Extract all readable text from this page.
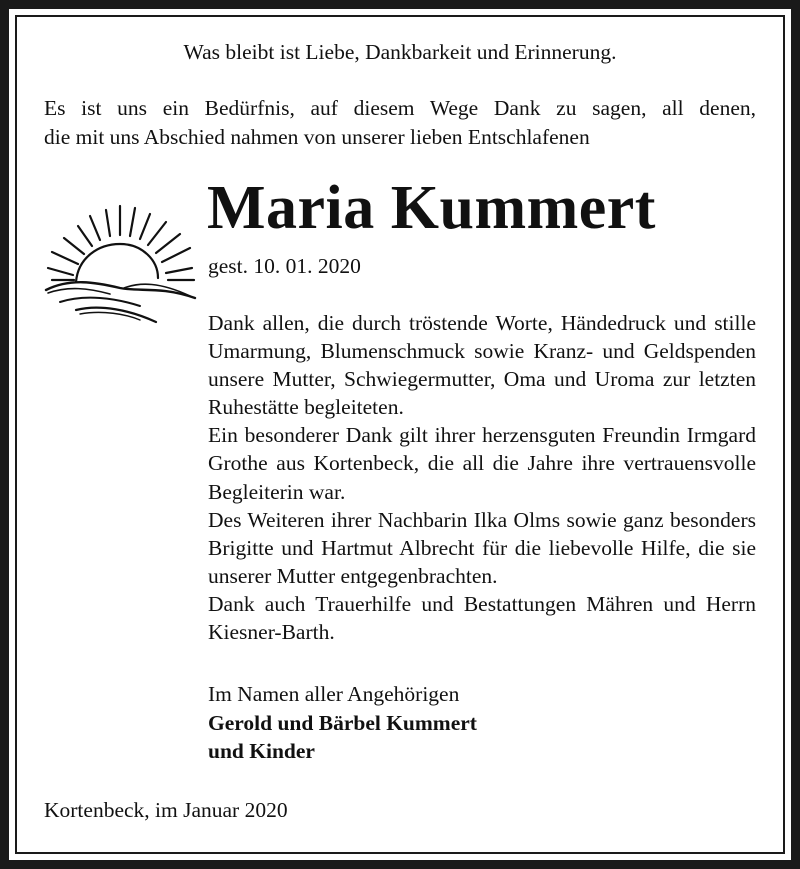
Was bleibt ist Liebe, Dankbarkeit und Erinnerung.
Es ist uns ein Bedürfnis, auf diesem Wege Dank zu sagen, all denen,
die mit uns Abschied nahmen von unserer lieben Entschlafenen
Maria Kummert
gest. 10. 01. 2020
Dank allen, die durch tröstende Worte, Händedruck und stille Umarmung, Blumenschmuck sowie Kranz- und Geldspenden unsere Mutter, Schwiegermutter, Oma und Uroma zur letzten Ruhestätte begleiteten.
Ein besonderer Dank gilt ihrer herzensguten Freundin Irmgard Grothe aus Kortenbeck, die all die Jahre ihre vertrauensvolle Begleiterin war.
Des Weiteren ihrer Nachbarin Ilka Olms sowie ganz besonders Brigitte und Hartmut Albrecht für die liebevolle Hilfe, die sie unserer Mutter entgegenbrachten.
Dank auch Trauerhilfe und Bestattungen Mähren und Herrn Kiesner-Barth.
Im Namen aller Angehörigen
Gerold und Bärbel Kummert
und Kinder
Kortenbeck, im Januar 2020
